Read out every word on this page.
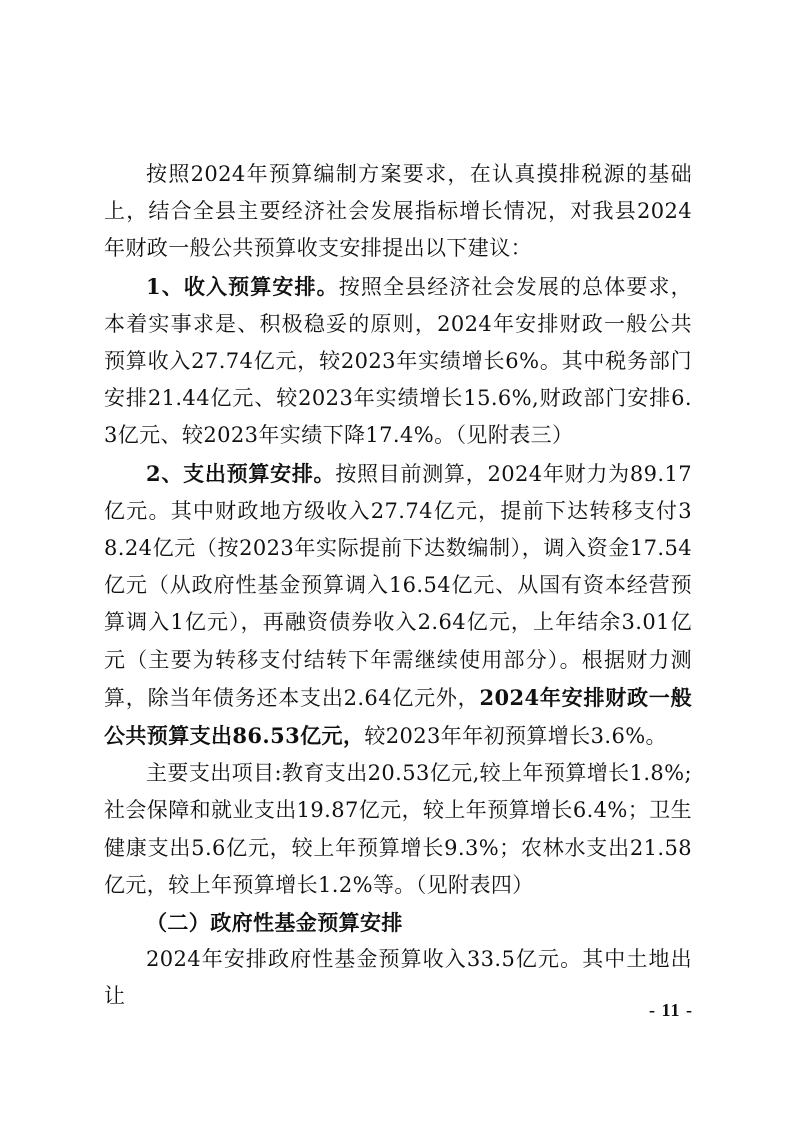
按照2024年预算编制方案要求，在认真摸排税源的基础上，结合全县主要经济社会发展指标增长情况，对我县2024年财政一般公共预算收支安排提出以下建议：

1、收入预算安排。按照全县经济社会发展的总体要求，本着实事求是、积极稳妥的原则，2024年安排财政一般公共预算收入27.74亿元，较2023年实绩增长6%。其中税务部门安排21.44亿元、较2023年实绩增长15.6%,财政部门安排6.3亿元、较2023年实绩下降17.4%。（见附表三）

2、支出预算安排。按照目前测算，2024年财力为89.17亿元。其中财政地方级收入27.74亿元，提前下达转移支付38.24亿元（按2023年实际提前下达数编制），调入资金17.54亿元（从政府性基金预算调入16.54亿元、从国有资本经营预算调入1亿元），再融资债券收入2.64亿元，上年结余3.01亿元（主要为转移支付结转下年需继续使用部分）。根据财力测算，除当年债务还本支出2.64亿元外，2024年安排财政一般公共预算支出86.53亿元，较2023年年初预算增长3.6%。

主要支出项目:教育支出20.53亿元,较上年预算增长1.8%;社会保障和就业支出19.87亿元，较上年预算增长6.4%；卫生健康支出5.6亿元，较上年预算增长9.3%；农林水支出21.58亿元，较上年预算增长1.2%等。（见附表四）

（二）政府性基金预算安排

2024年安排政府性基金预算收入33.5亿元。其中土地出让

- 11 -
